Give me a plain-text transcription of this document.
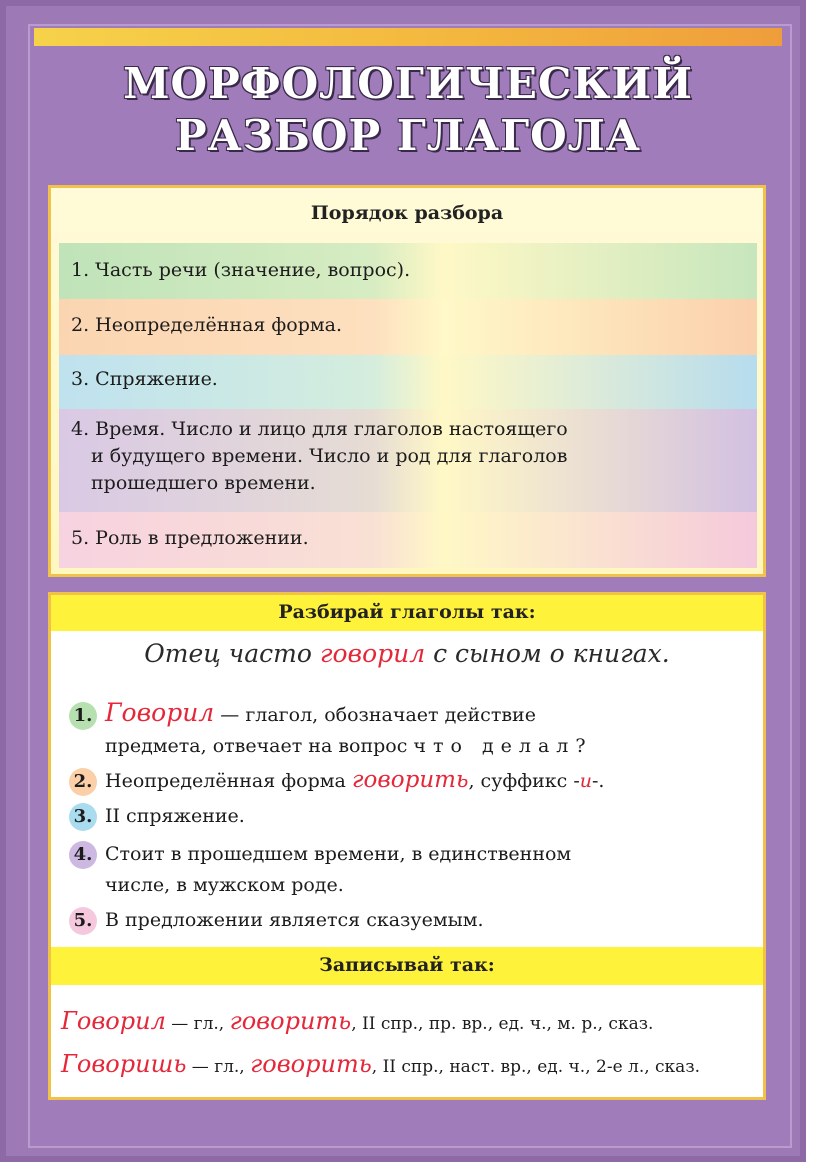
МОРФОЛОГИЧЕСКИЙ
РАЗБОР ГЛАГОЛА
Порядок разбора
1. Часть речи (значение, вопрос).
2. Неопределённая форма.
3. Спряжение.
4. Время. Число и лицо для глаголов настоящего
и будущего времени. Число и род для глаголов
прошедшего времени.
5. Роль в предложении.
Разбирай глаголы так:
Отец часто говорил с сыном о книгах.
1. Говорил — глагол, обозначает действие
предмета, отвечает на вопрос что делал?
2. Неопределённая форма говорить, суффикс -и-.
3. II спряжение.
4. Стоит в прошедшем времени, в единственном
числе, в мужском роде.
5. В предложении является сказуемым.
Записывай так:
Говорил — гл., говорить, II спр., пр. вр., ед. ч., м. р., сказ.
Говоришь — гл., говорить, II спр., наст. вр., ед. ч., 2-е л., сказ.
